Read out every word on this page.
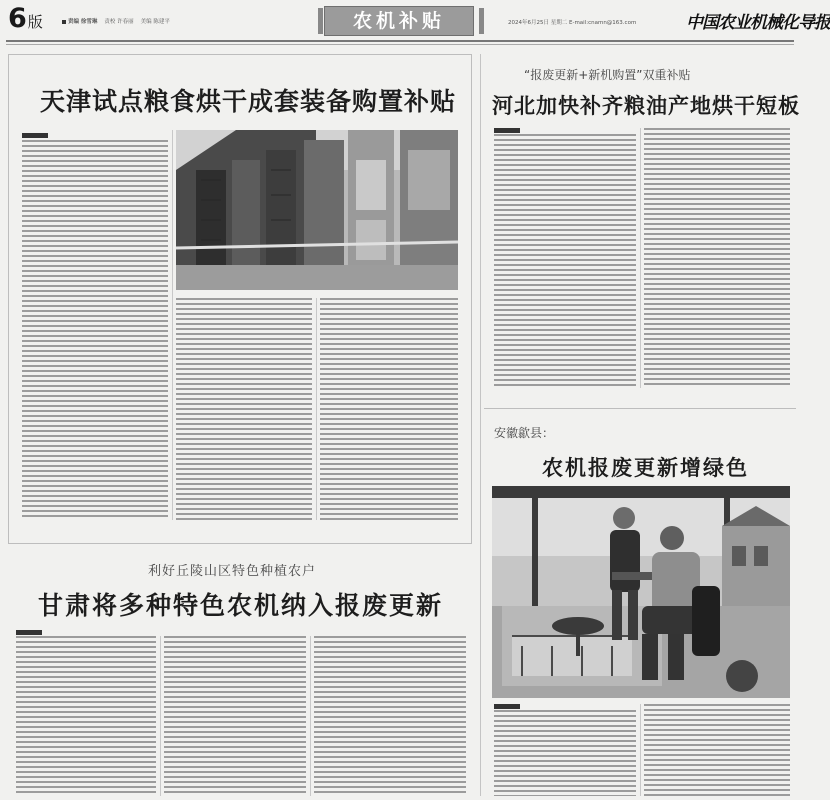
6版	责编 徐雪琳 责校 许春丽 美编 陈建平	农机补贴	2024年6月25日 星期二 E-mail:cnamn@163.com	中国农业机械化导报
天津试点粮食烘干成套装备购置补贴
利好丘陵山区特色种植农户
甘肃将多种特色农机纳入报废更新
“报废更新+新机购置”双重补贴
河北加快补齐粮油产地烘干短板
安徽歙县：
农机报废更新增绿色
